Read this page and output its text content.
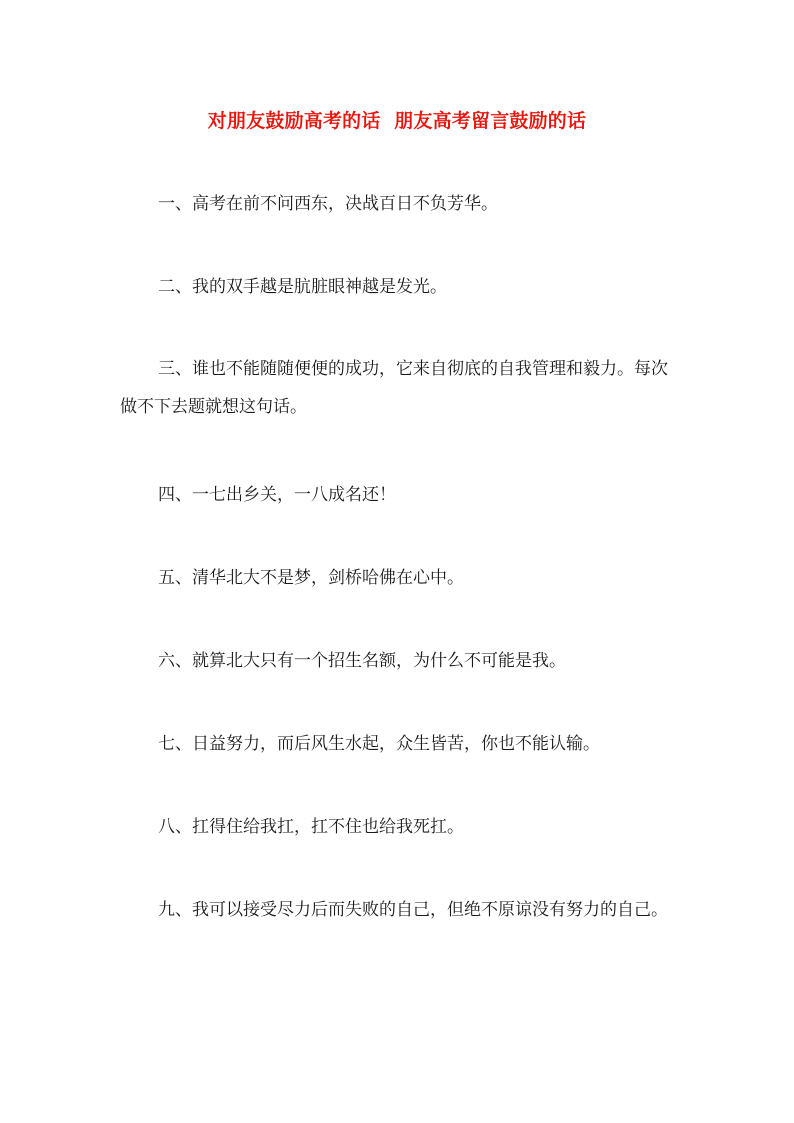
对朋友鼓励高考的话  朋友高考留言鼓励的话

一、高考在前不问西东，决战百日不负芳华。

二、我的双手越是肮脏眼神越是发光。

三、谁也不能随随便便的成功，它来自彻底的自我管理和毅力。每次做不下去题就想这句话。

四、一七出乡关，一八成名还！

五、清华北大不是梦，剑桥哈佛在心中。

六、就算北大只有一个招生名额，为什么不可能是我。

七、日益努力，而后风生水起，众生皆苦，你也不能认输。

八、扛得住给我扛，扛不住也给我死扛。

九、我可以接受尽力后而失败的自己，但绝不原谅没有努力的自己。
